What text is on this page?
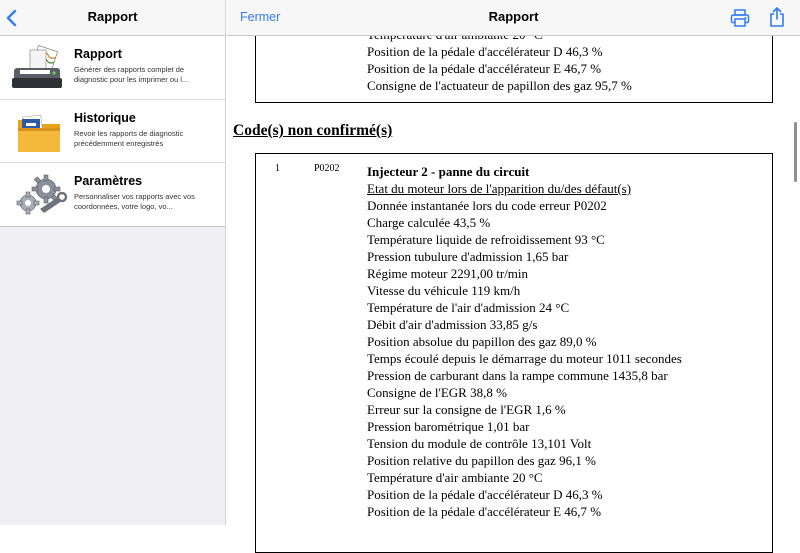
Rapport
Rapport
Générer des rapports complet de diagnostic pour les imprimer ou l...
Historique
Revoir les rapports de diagnostic précédemment enregistrés
Paramètres
Personnaliser vos rapports avec vos coordonnées, votre logo, vo...
Fermer	Rapport
Position de la pédale d'accélérateur D 46,3 %
Position de la pédale d'accélérateur E 46,7 %
Consigne de l'actuateur de papillon des gaz 95,7 %
Code(s) non confirmé(s)
1	P0202 Injecteur 2 - panne du circuit
Etat du moteur lors de l'apparition du/des défaut(s)
Donnée instantanée lors du code erreur P0202
Charge calculée 43,5 %
Température liquide de refroidissement 93 °C
Pression tubulure d'admission 1,65 bar
Régime moteur 2291,00 tr/min
Vitesse du véhicule 119 km/h
Température de l'air d'admission 24 °C
Débit d'air d'admission 33,85 g/s
Position absolue du papillon des gaz 89,0 %
Temps écoulé depuis le démarrage du moteur 1011 secondes
Pression de carburant dans la rampe commune 1435,8 bar
Consigne de l'EGR 38,8 %
Erreur sur la consigne de l'EGR 1,6 %
Pression barométrique 1,01 bar
Tension du module de contrôle 13,101 Volt
Position relative du papillon des gaz 96,1 %
Température d'air ambiante 20 °C
Position de la pédale d'accélérateur D 46,3 %
Position de la pédale d'accélérateur E 46,7 %
